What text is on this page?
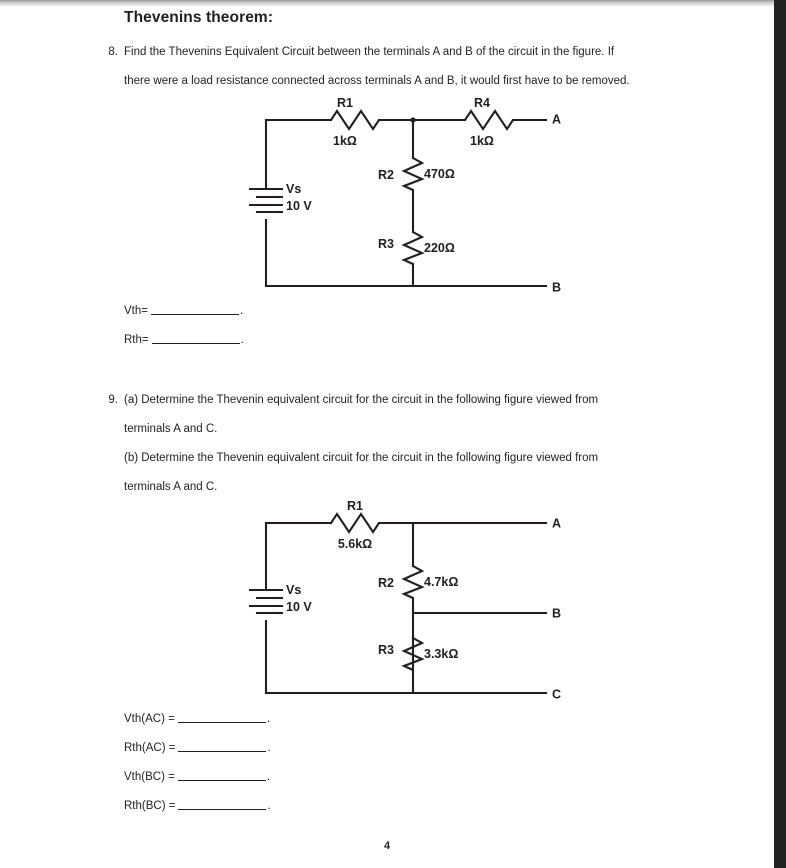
Thevenins theorem:
8. Find the Thevenins Equivalent Circuit between the terminals A and B of the circuit in the figure. If
there were a load resistance connected across terminals A and B, it would first have to be removed.
R1
1kΩ
R4
1kΩ
R2 470Ω
R3 220Ω
Vs
10 V
A
B
Vth=	.
Rth=	.
9. (a) Determine the Thevenin equivalent circuit for the circuit in the following figure viewed from
terminals A and C.
(b) Determine the Thevenin equivalent circuit for the circuit in the following figure viewed from
terminals A and C.
R1
5.6kΩ
R2 4.7kΩ
R3 3.3kΩ
Vs
10 V
A
B
C
Vth(AC) =	.
Rth(AC) =	.
Vth(BC) =	.
Rth(BC) =	.
4
